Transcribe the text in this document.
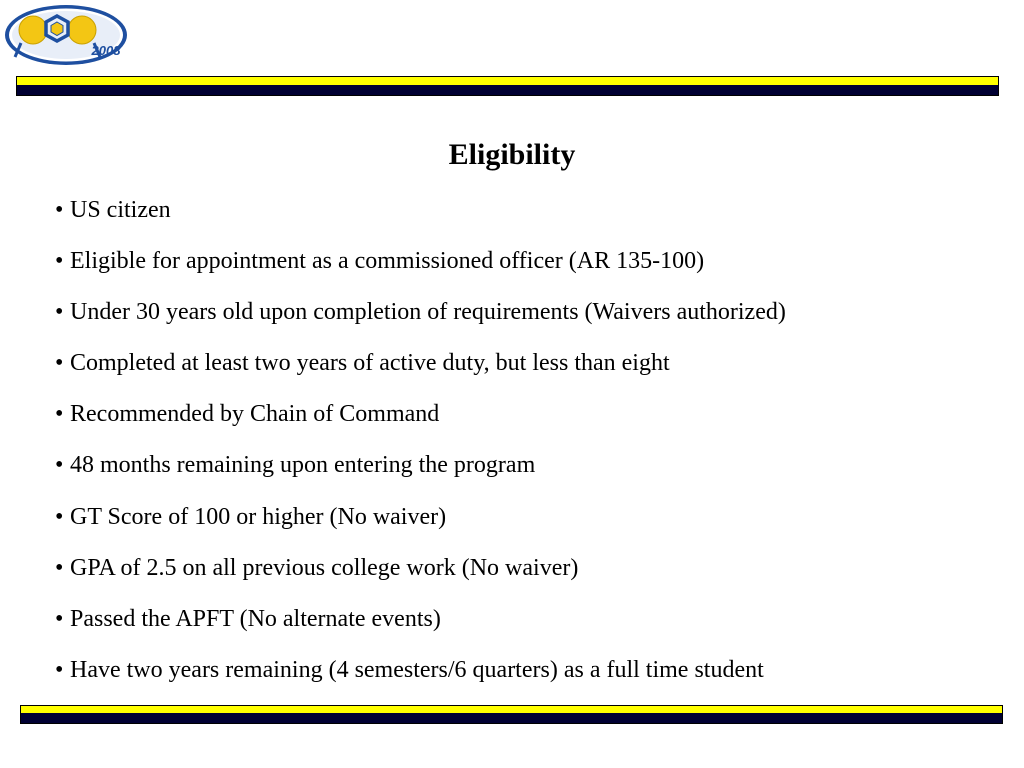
2008
Eligibility
• US citizen
• Eligible for appointment as a commissioned officer (AR 135-100)
• Under 30 years old upon completion of requirements (Waivers authorized)
• Completed at least two years of active duty, but less than eight
• Recommended by Chain of Command
• 48 months remaining upon entering the program
• GT Score of 100 or higher (No waiver)
• GPA of 2.5 on all previous college work (No waiver)
• Passed the APFT (No alternate events)
• Have two years remaining (4 semesters/6 quarters) as a full time student
